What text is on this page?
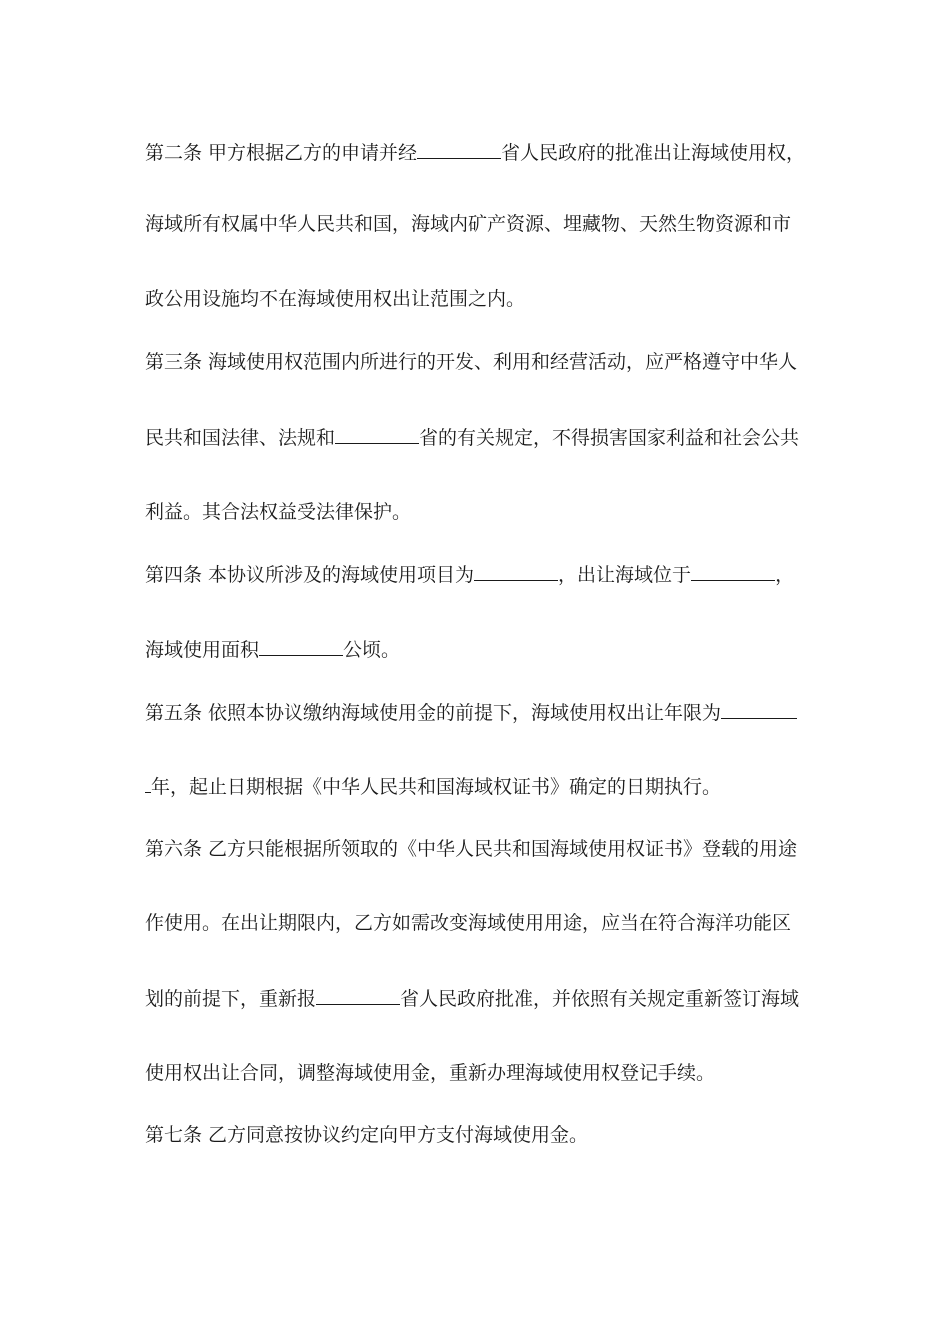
第二条 甲方根据乙方的申请并经	省人民政府的批准出让海域使用权，
海域所有权属中华人民共和国，海域内矿产资源、埋藏物、天然生物资源和市
政公用设施均不在海域使用权出让范围之内。
第三条 海域使用权范围内所进行的开发、利用和经营活动，应严格遵守中华人
民共和国法律、法规和	省的有关规定，不得损害国家利益和社会公共
利益。其合法权益受法律保护。
第四条 本协议所涉及的海域使用项目为	，出让海域位于	，
海域使用面积	公顷。
第五条 依照本协议缴纳海域使用金的前提下，海域使用权出让年限为
年，起止日期根据《中华人民共和国海域权证书》确定的日期执行。
第六条 乙方只能根据所领取的《中华人民共和国海域使用权证书》登载的用途
作使用。在出让期限内，乙方如需改变海域使用用途，应当在符合海洋功能区
划的前提下，重新报	省人民政府批准，并依照有关规定重新签订海域
使用权出让合同，调整海域使用金，重新办理海域使用权登记手续。
第七条 乙方同意按协议约定向甲方支付海域使用金。
